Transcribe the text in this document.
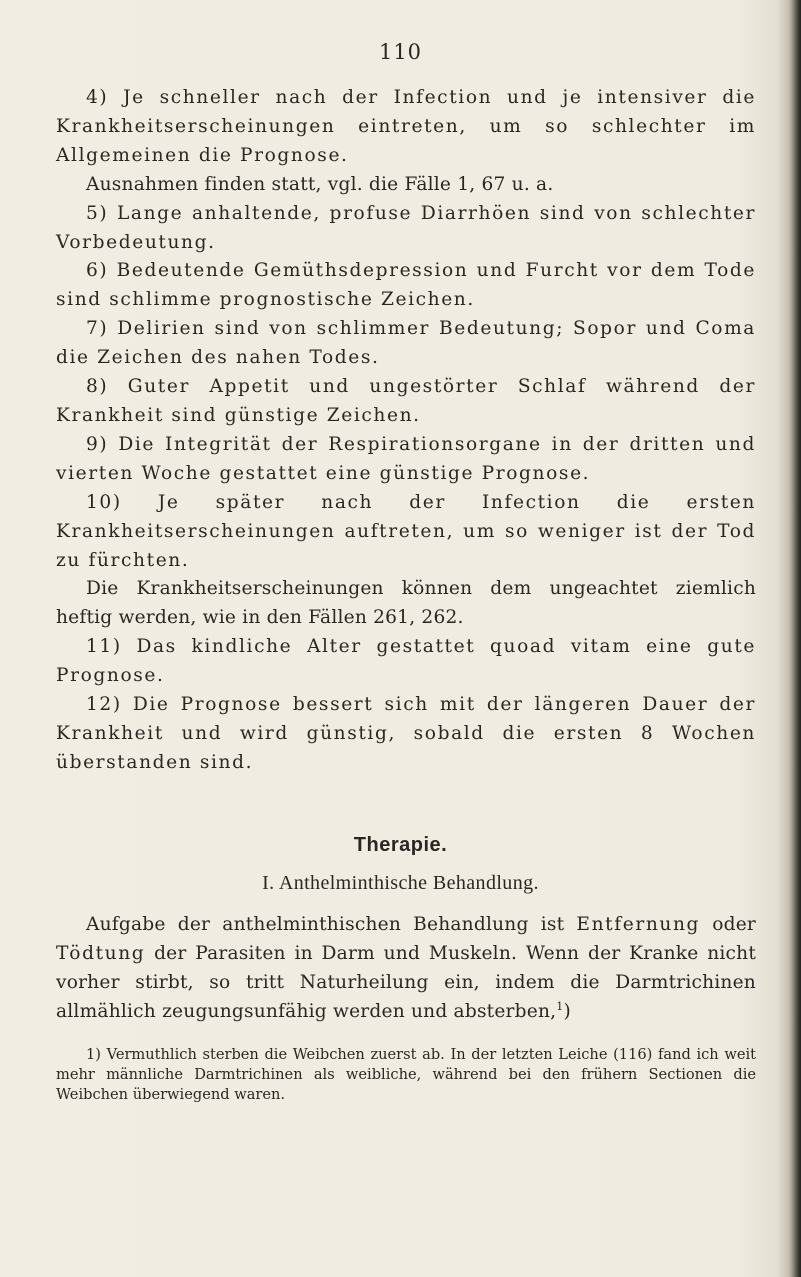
110

4) Je schneller nach der Infection und je intensiver die Krankheitserscheinungen eintreten, um so schlechter im Allgemeinen die Prognose.

Ausnahmen finden statt, vgl. die Fälle 1, 67 u. a.

5) Lange anhaltende, profuse Diarrhöen sind von schlechter Vorbedeutung.

6) Bedeutende Gemüthsdepression und Furcht vor dem Tode sind schlimme prognostische Zeichen.

7) Delirien sind von schlimmer Bedeutung; Sopor und Coma die Zeichen des nahen Todes.

8) Guter Appetit und ungestörter Schlaf während der Krankheit sind günstige Zeichen.

9) Die Integrität der Respirationsorgane in der dritten und vierten Woche gestattet eine günstige Prognose.

10) Je später nach der Infection die ersten Krankheitserscheinungen auftreten, um so weniger ist der Tod zu fürchten.

Die Krankheitserscheinungen können dem ungeachtet ziemlich heftig werden, wie in den Fällen 261, 262.

11) Das kindliche Alter gestattet quoad vitam eine gute Prognose.

12) Die Prognose bessert sich mit der längeren Dauer der Krankheit und wird günstig, sobald die ersten 8 Wochen überstanden sind.

Therapie.
I. Anthelminthische Behandlung.

Aufgabe der anthelminthischen Behandlung ist Entfernung oder Tödtung der Parasiten in Darm und Muskeln. Wenn der Kranke nicht vorher stirbt, so tritt Naturheilung ein, indem die Darmtrichinen allmählich zeugungsunfähig werden und absterben,$^1$)

1) Vermuthlich sterben die Weibchen zuerst ab. In der letzten Leiche (116) fand ich weit mehr männliche Darmtrichinen als weibliche, während bei den frühern Sectionen die Weibchen überwiegend waren.
